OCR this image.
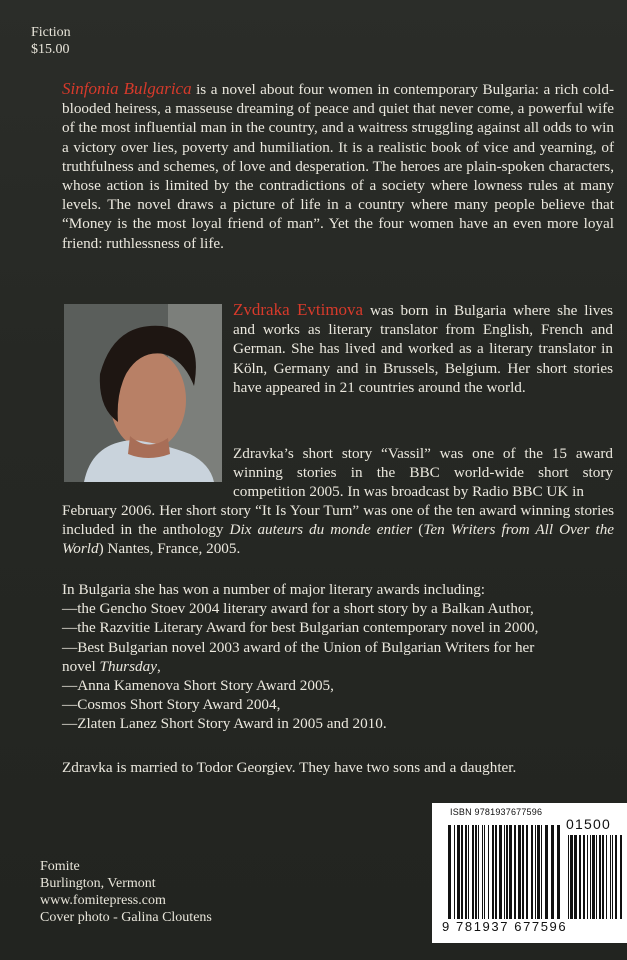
Fiction
$15.00
Sinfonia Bulgarica is a novel about four women in contemporary Bulgaria: a rich cold-blooded heiress, a masseuse dreaming of peace and quiet that never come, a powerful wife of the most influential man in the country, and a waitress struggling against all odds to win a victory over lies, poverty and humiliation. It is a realistic book of vice and yearning, of truthfulness and schemes, of love and desperation. The heroes are plain-spoken characters, whose action is limited by the contradictions of a society where lowness rules at many levels. The novel draws a picture of life in a country where many people believe that “Money is the most loyal friend of man”. Yet the four women have an even more loyal friend: ruthlessness of life.
Zvdraka Evtimova was born in Bulgaria where she lives and works as literary translator from English, French and German. She has lived and worked as a literary translator in Köln, Germany and in Brussels, Belgium. Her short stories have appeared in 21 countries around the world.
Zdravka’s short story “Vassil” was one of the 15 award winning stories in the BBC world-wide short story competition 2005. In was broadcast by Radio BBC UK in
February 2006. Her short story “It Is Your Turn” was one of the ten award winning stories included in the anthology Dix auteurs du monde entier (Ten Writers from All Over the World) Nantes, France, 2005.
In Bulgaria she has won a number of major literary awards including:
—the Gencho Stoev 2004 literary award for a short story by a Balkan Author,
—the Razvitie Literary Award for best Bulgarian contemporary novel in 2000,
—Best Bulgarian novel 2003 award of the Union of Bulgarian Writers for her
novel Thursday,
—Anna Kamenova Short Story Award 2005,
—Cosmos Short Story Award 2004,
—Zlaten Lanez Short Story Award in 2005 and 2010.
Zdravka is married to Todor Georgiev. They have two sons and a daughter.
Fomite
Burlington, Vermont
www.fomitepress.com
Cover photo - Galina Cloutens
ISBN 9781937677596
01500
9 781937 677596
